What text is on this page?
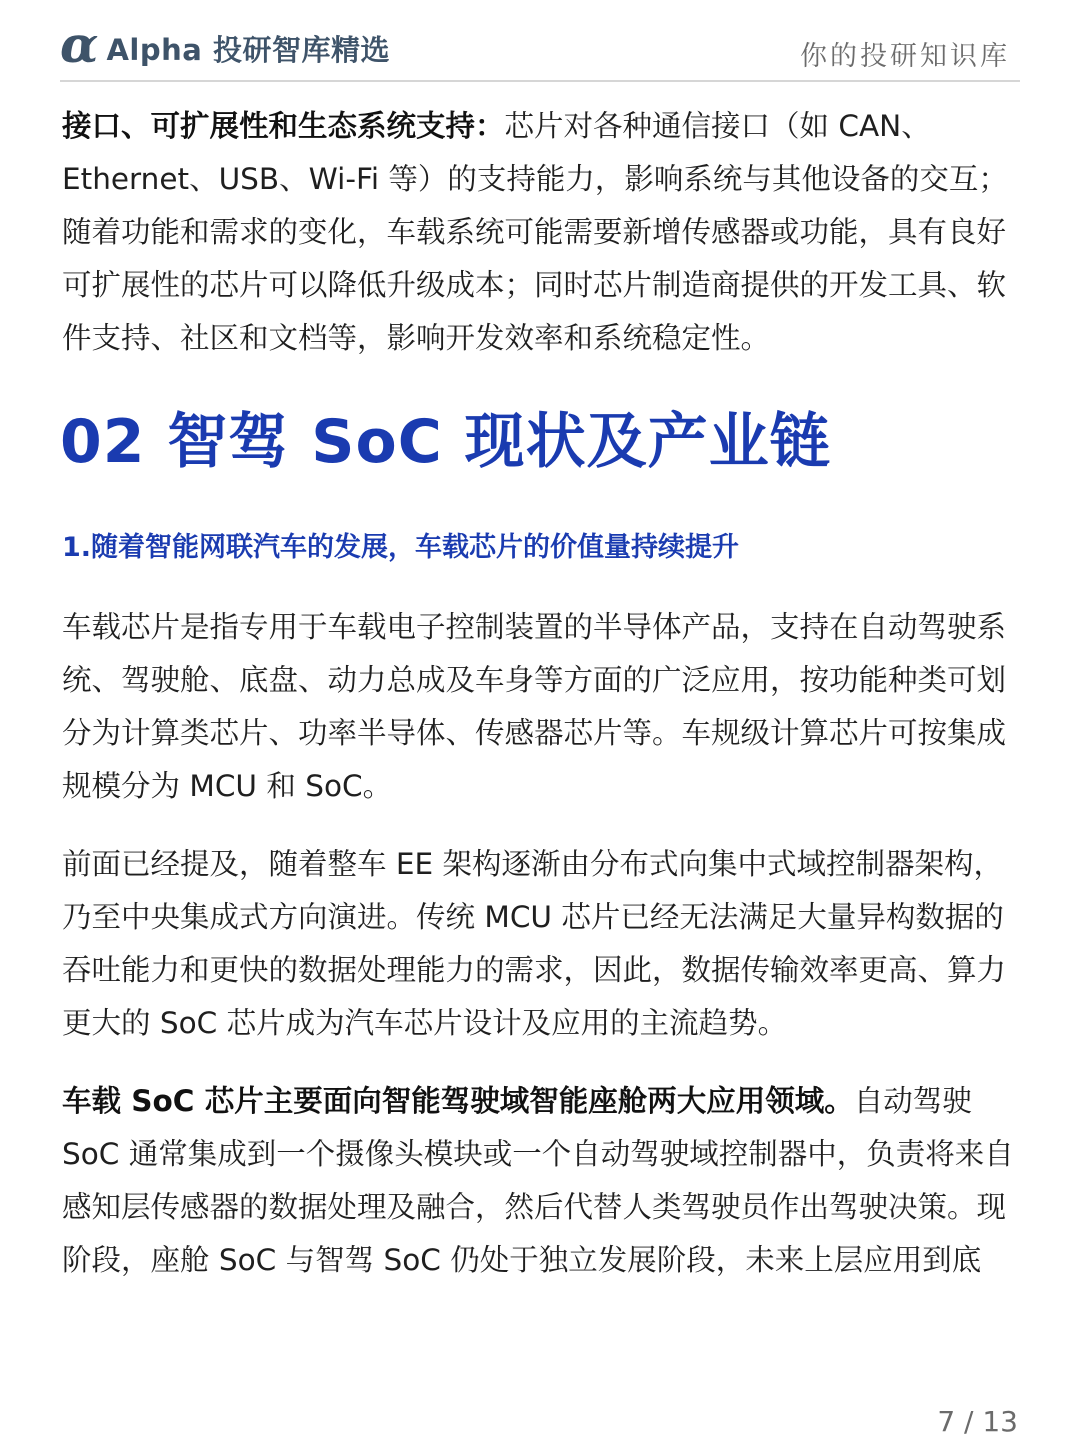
α Alpha 投研智库精选	你的投研知识库

接口、可扩展性和生态系统支持：芯片对各种通信接口（如 CAN、Ethernet、USB、Wi-Fi 等）的支持能力，影响系统与其他设备的交互；随着功能和需求的变化，车载系统可能需要新增传感器或功能，具有良好可扩展性的芯片可以降低升级成本；同时芯片制造商提供的开发工具、软件支持、社区和文档等，影响开发效率和系统稳定性。

02 智驾 SoC 现状及产业链
1.随着智能网联汽车的发展，车载芯片的价值量持续提升

车载芯片是指专用于车载电子控制装置的半导体产品，支持在自动驾驶系统、驾驶舱、底盘、动力总成及车身等方面的广泛应用，按功能种类可划分为计算类芯片、功率半导体、传感器芯片等。车规级计算芯片可按集成规模分为 MCU 和 SoC。

前面已经提及，随着整车 EE 架构逐渐由分布式向集中式域控制器架构，乃至中央集成式方向演进。传统 MCU 芯片已经无法满足大量异构数据的吞吐能力和更快的数据处理能力的需求，因此，数据传输效率更高、算力更大的 SoC 芯片成为汽车芯片设计及应用的主流趋势。

车载 SoC 芯片主要面向智能驾驶域智能座舱两大应用领域。自动驾驶 SoC 通常集成到一个摄像头模块或一个自动驾驶域控制器中，负责将来自感知层传感器的数据处理及融合，然后代替人类驾驶员作出驾驶决策。现阶段，座舱 SoC 与智驾 SoC 仍处于独立发展阶段，未来上层应用到底

7 / 13
